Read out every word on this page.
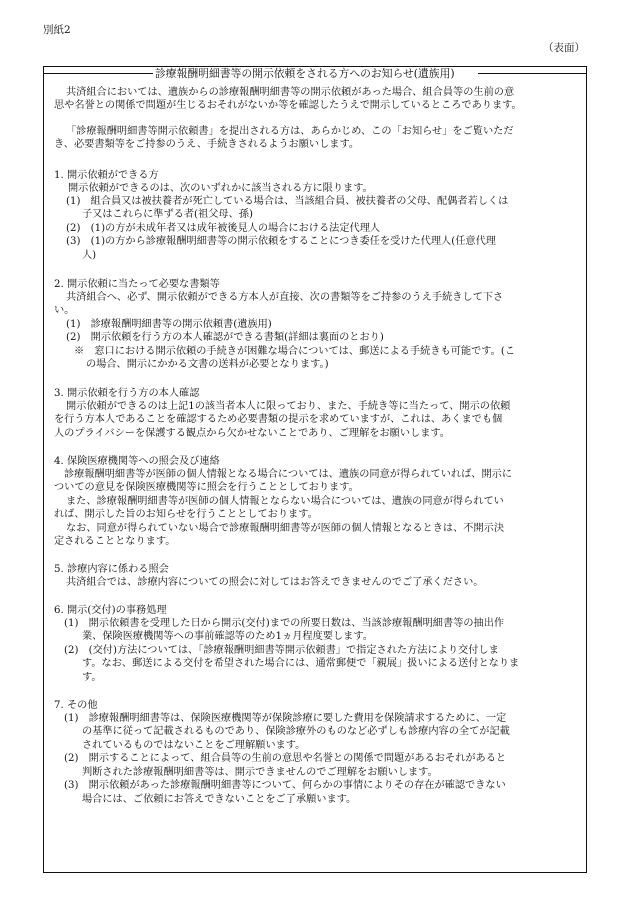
別紙2
（表面）
診療報酬明細書等の開示依頼をされる方へのお知らせ(遺族用)
共済組合においては、遺族からの診療報酬明細書等の開示依頼があった場合、組合員等の生前の意
思や名誉との関係で問題が生じるおそれがないか等を確認したうえで開示しているところであります。
「診療報酬明細書等開示依頼書」を提出される方は、あらかじめ、この「お知らせ」をご覧いただ
き、必要書類等をご持参のうえ、手続きされるようお願いします。
1. 開示依頼ができる方
開示依頼ができるのは、次のいずれかに該当される方に限ります。
(1)　組合員又は被扶養者が死亡している場合は、当該組合員、被扶養者の父母、配偶者若しくは
子又はこれらに準ずる者(祖父母、孫)
(2)　(1)の方が未成年者又は成年被後見人の場合における法定代理人
(3)　(1)の方から診療報酬明細書等の開示依頼をすることにつき委任を受けた代理人(任意代理
人)
2. 開示依頼に当たって必要な書類等
共済組合へ、必ず、開示依頼ができる方本人が直接、次の書類等をご持参のうえ手続きして下さ
い。
(1)　診療報酬明細書等の開示依頼書(遺族用)
(2)　開示依頼を行う方の本人確認ができる書類(詳細は裏面のとおり)
※　窓口における開示依頼の手続きが困難な場合については、郵送による手続きも可能です。(こ
の場合、開示にかかる文書の送料が必要となります。)
3. 開示依頼を行う方の本人確認
開示依頼ができるのは上記1の該当者本人に限っており、また、手続き等に当たって、開示の依頼
を行う方本人であることを確認するため必要書類の提示を求めていますが、これは、あくまでも個
人のプライバシーを保護する観点から欠かせないことであり、ご理解をお願いします。
4. 保険医療機関等への照会及び連絡
診療報酬明細書等が医師の個人情報となる場合については、遺族の同意が得られていれば、開示に
ついての意見を保険医療機関等に照会を行うこととしております。
また、診療報酬明細書等が医師の個人情報とならない場合については、遺族の同意が得られてい
れば、開示した旨のお知らせを行うこととしております。
なお、同意が得られていない場合で診療報酬明細書等が医師の個人情報となるときは、不開示決
定されることとなります。
5. 診療内容に係わる照会
共済組合では、診療内容についての照会に対してはお答えできませんのでご了承ください。
6. 開示(交付)の事務処理
(1)　開示依頼書を受理した日から開示(交付)までの所要日数は、当該診療報酬明細書等の抽出作
業、保険医療機関等への事前確認等のため1ヵ月程度要します。
(2)　(交付)方法については、「診療報酬明細書等開示依頼書」で指定された方法により交付しま
す。なお、郵送による交付を希望された場合には、通常郵便で「親展」扱いによる送付となりま
す。
7. その他
(1)　診療報酬明細書等は、保険医療機関等が保険診療に要した費用を保険請求するために、一定
の基準に従って記載されるものであり、保険診療外のものなど必ずしも診療内容の全てが記載
されているものではないことをご理解願います。
(2)　開示することによって、組合員等の生前の意思や名誉との関係で問題があるおそれがあると
判断された診療報酬明細書等は、開示できませんのでご理解をお願いします。
(3)　開示依頼があった診療報酬明細書等について、何らかの事情によりその存在が確認できない
場合には、ご依頼にお答えできないことをご了承願います。
